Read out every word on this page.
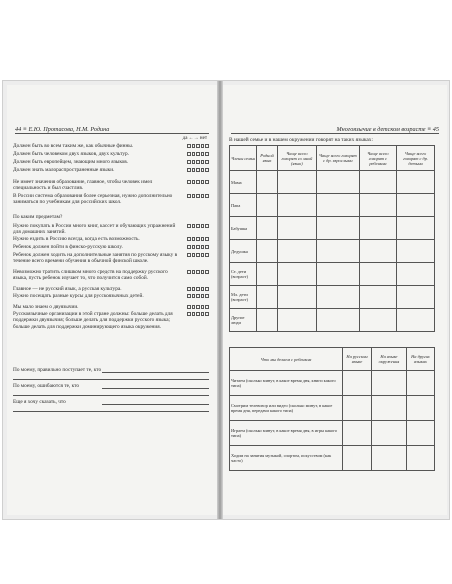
44 ≡ Е.Ю. Протасова, Н.М. Родина
да ←→ нет
Должен быть во всем таким же, как обычные финны.
Должен быть человеком двух языков, двух культур.
Должен быть европейцем, знающим много языков.
Должен знать малораспространенные языки.
Не имеет значения образование, главное, чтобы человек имел специальность и был счастлив.
В России система образования более серьезная, нужно дополнительно заниматься по учебникам для российских школ.
По каким предметам?
Нужно покупать в России много книг, кассет и обучающих упражнений для домашних занятий.
Нужно ездить в Россию всегда, когда есть возможность.
Ребенок должен пойти в финско-русскую школу.
Ребенок должен ходить на дополнительные занятия по русскому языку в течение всего времени обучения в обычной финской школе.
Невозможно тратить слишком много средств на поддержку русского языка, пусть ребенок изучает то, что получится само собой.
Главное — не русский язык, а русская культура.
Нужно посещать разные курсы для русскоязычных детей.
Мы мало знаем о двуязычии.
Русскоязычные организации в этой стране должны: больше делать для поддержки двуязычия; больше делать для поддержки русского языка; больше делать для поддержки доминирующего языка окружения.
По моему, правильно поступает те, кто
По моему, ошибаются те, кто
Еще я хочу сказать, что
Многоязычие в детском возрасте ≡ 45
В нашей семье и в нашем окружении говорят на таких языках:
Члены семьи	Родной язык	Чаще всего говорят со мной (язык)	Чаще всего говорят с др. взрослыми	Чаще всего говорят с ребенком	Чаще всего говорят с др. детьми
Мама					
Папа					
Бабушка					
Дедушка					
Ст. дети (возраст)					
Мл. дети (возраст)					
Другие люди					
Что мы делаем с ребенком	На русском языке	На языке окружения	На других языках
Читаем (сколько минут, в какое время дня, книги какого типа)			
Смотрим телевизор или видео (сколько минут, в какое время дня, передачи какого типа)			
Играем (сколько минут, в какое время дня, в игры какого типа)			
Ходим на занятия музыкой, спортом, искусством (как часто)			
